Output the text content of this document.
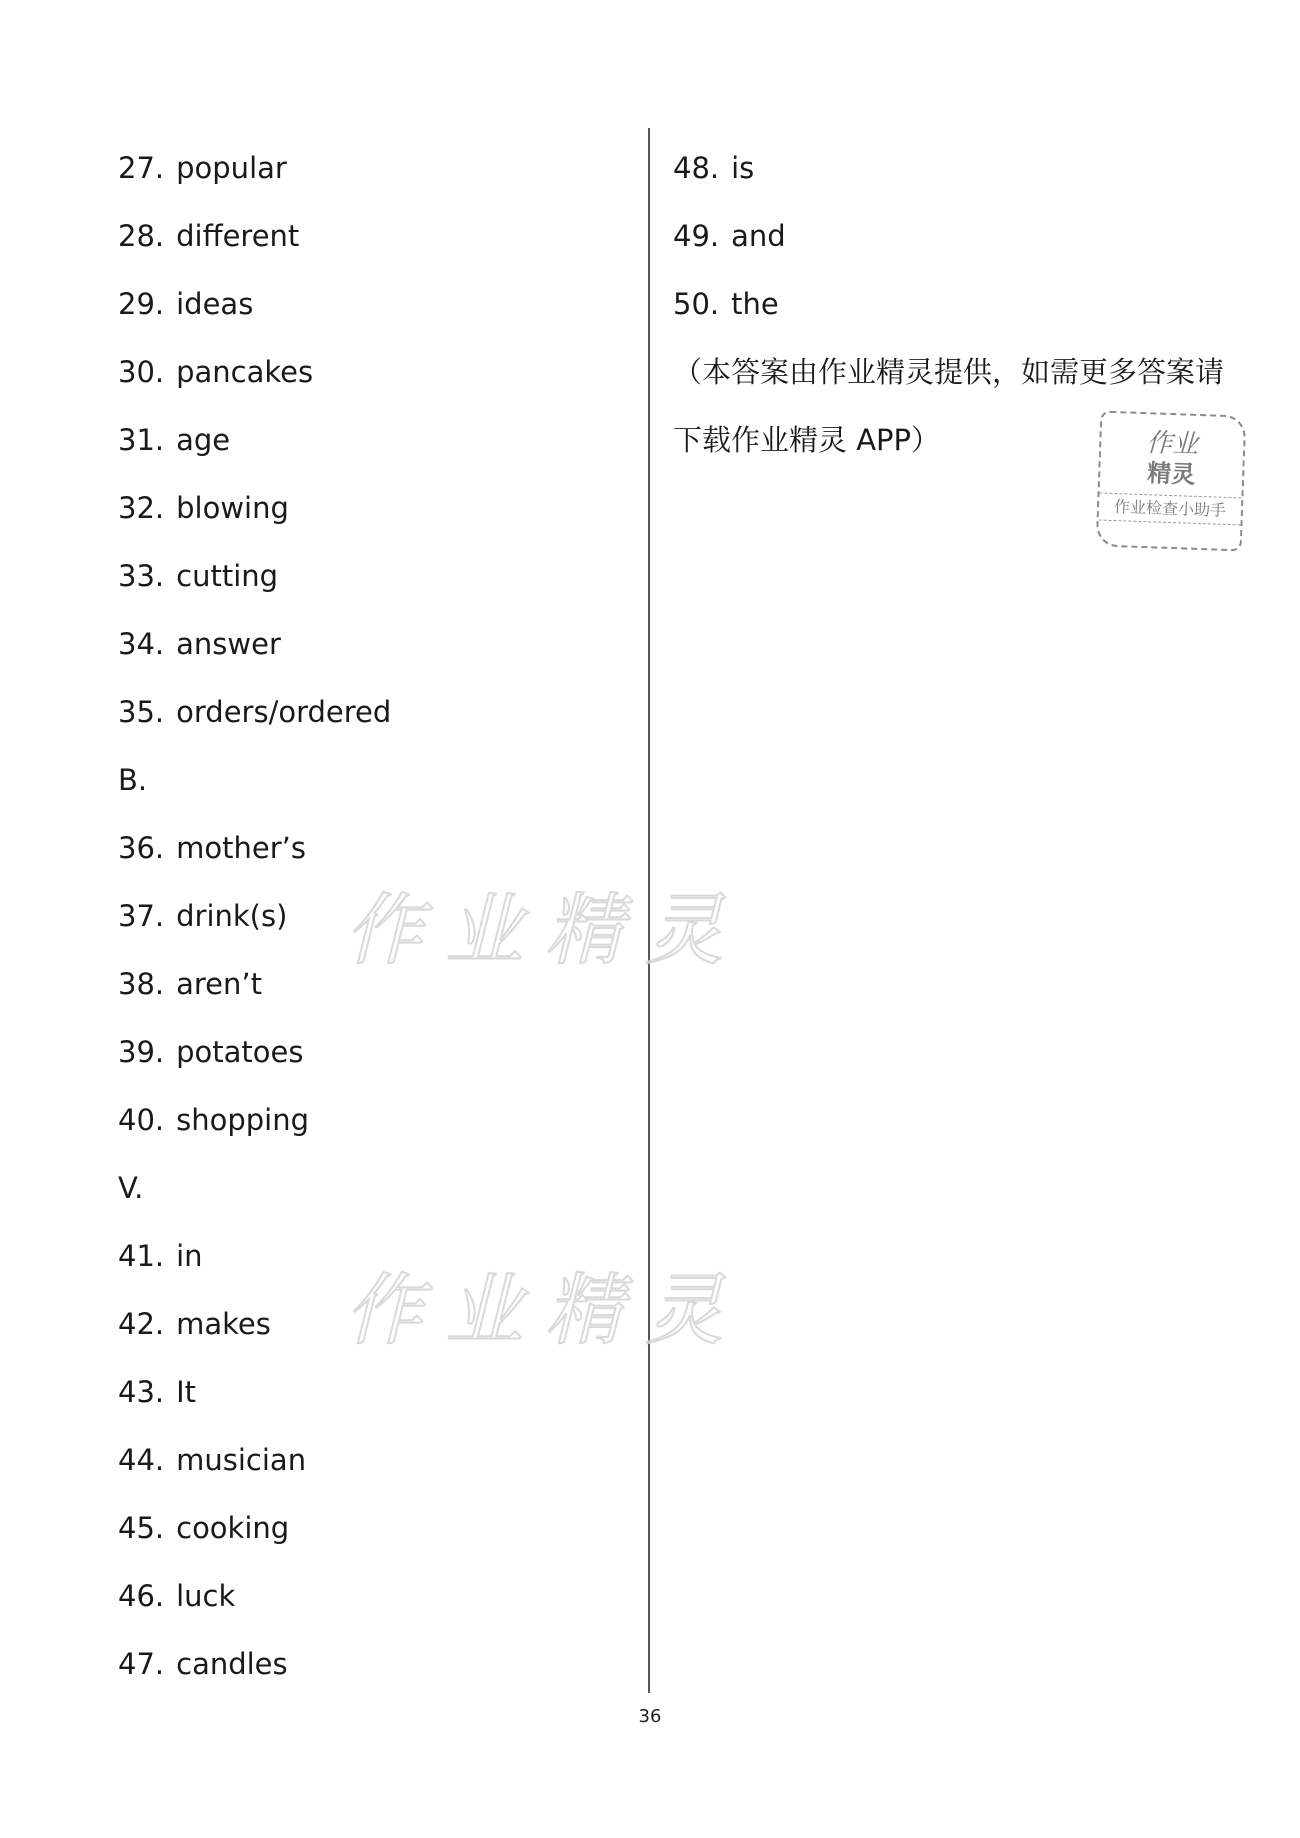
27. popular
28. different
29. ideas
30. pancakes
31. age
32. blowing
33. cutting
34. answer
35. orders/ordered
B.
36. mother’s
37. drink(s)
38. aren’t
39. potatoes
40. shopping
V.
41. in
42. makes
43. It
44. musician
45. cooking
46. luck
47. candles
48. is
49. and
50. the
（本答案由作业精灵提供，如需更多答案请
下载作业精灵 APP）
作业精灵
作业精灵
作业
精灵
作业检查小助手
36
